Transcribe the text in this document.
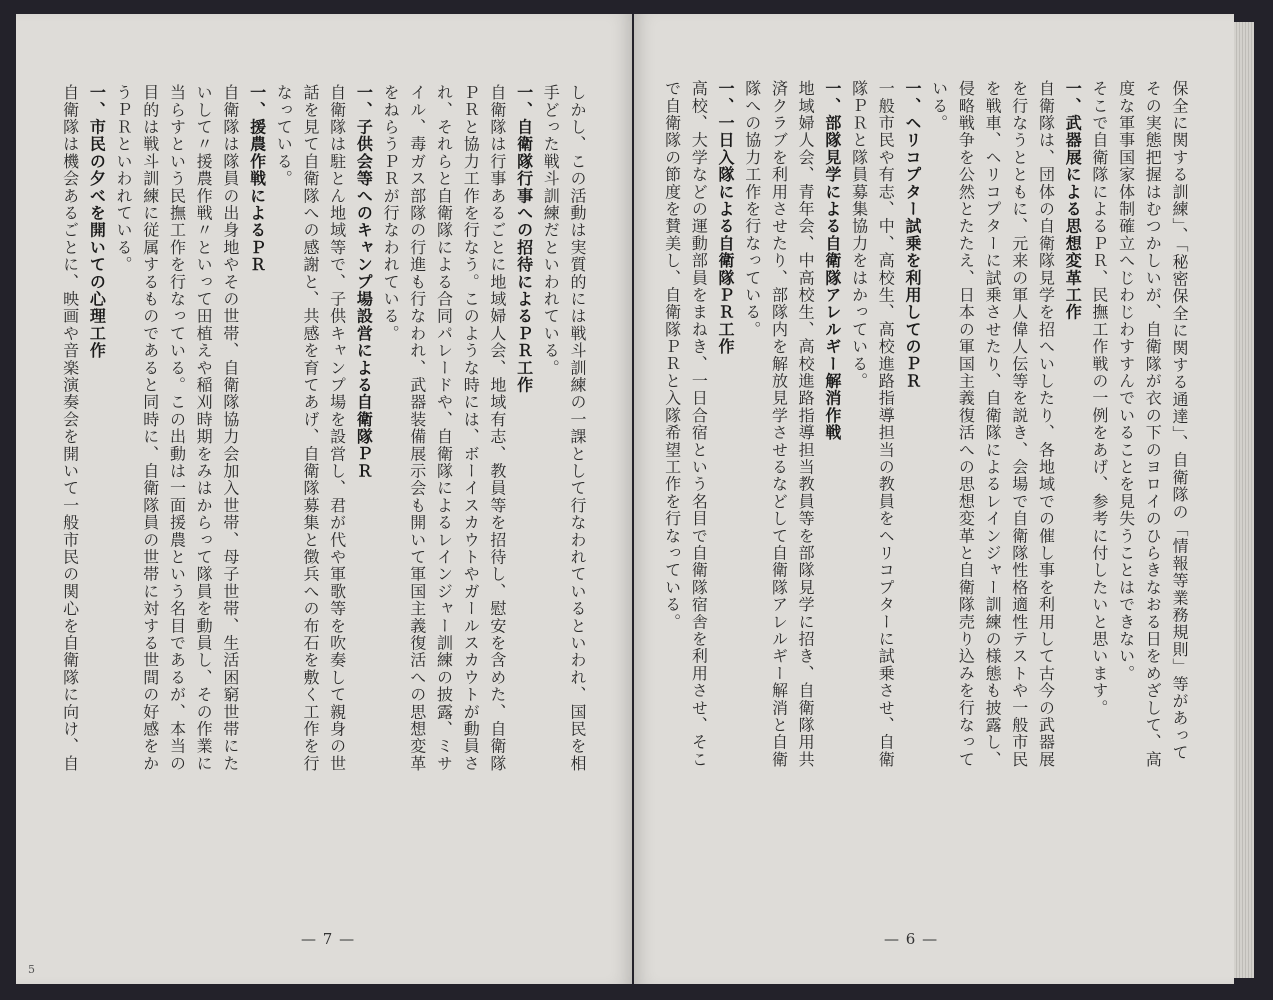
しかし、この活動は実質的には戦斗訓練の一課として行なわれているといわれ、国民を相手どった戦斗訓練だといわれている。

一、自衛隊行事への招待によるＰＲ工作

自衛隊は行事あるごとに地域婦人会、地域有志、教員等を招待し、慰安を含めた、自衛隊ＰＲと協力工作を行なう。このような時には、ボーイスカウトやガールスカウトが動員され、それらと自衛隊による合同パレードや、自衛隊によるレインジャー訓練の披露、ミサイル、毒ガス部隊の行進も行なわれ、武器装備展示会も開いて軍国主義復活への思想変革をねらうＰＲが行なわれている。

一、子供会等へのキャンプ場設営による自衛隊ＰＲ

自衛隊は駐とん地域等で、子供キャンプ場を設営し、君が代や軍歌等を吹奏して親身の世話を見て自衛隊への感謝と、共感を育てあげ、自衛隊募集と徴兵への布石を敷く工作を行なっている。

一、援農作戦によるＰＲ

自衛隊は隊員の出身地やその世帯、自衛隊協力会加入世帯、母子世帯、生活困窮世帯にたいして〃援農作戦〃といって田植えや稲刈時期をみはからって隊員を動員し、その作業に当らすという民撫工作を行なっている。この出動は一面援農という名目であるが、本当の目的は戦斗訓練に従属するものであると同時に、自衛隊員の世帯に対する世間の好感をかうＰＲといわれている。

一、市民の夕べを開いての心理工作

自衛隊は機会あるごとに、映画や音楽演奏会を開いて一般市民の関心を自衛隊に向け、自

— 7 —
5

保全に関する訓練」、「秘密保全に関する通達」、自衛隊の「情報等業務規則」等があってその実態把握はむつかしいが、自衛隊が衣の下のヨロイのひらきなおる日をめざして、高度な軍事国家体制確立へじわじわすすんでいることを見失うことはできない。

そこで自衛隊によるＰＲ、民撫工作戦の一例をあげ、参考に付したいと思います。

一、武器展による思想変革工作

自衛隊は、団体の自衛隊見学を招へいしたり、各地域での催し事を利用して古今の武器展を行なうとともに、元来の軍人偉人伝等を説き、会場で自衛隊性格適性テストや一般市民を戦車、ヘリコプターに試乗させたり、自衛隊によるレインジャー訓練の様態も披露し、侵略戦争を公然とたたえ、日本の軍国主義復活への思想変革と自衛隊売り込みを行なっている。

一、ヘリコプター試乗を利用してのＰＲ

一般市民や有志、中、高校生、高校進路指導担当の教員をヘリコプターに試乗させ、自衛隊ＰＲと隊員募集協力をはかっている。

一、部隊見学による自衛隊アレルギー解消作戦

地域婦人会、青年会、中高校生、高校進路指導担当教員等を部隊見学に招き、自衛隊用共済クラブを利用させたり、部隊内を解放見学させるなどして自衛隊アレルギー解消と自衛隊への協力工作を行なっている。

一、一日入隊による自衛隊ＰＲ工作

高校、大学などの運動部員をまねき、一日合宿という名目で自衛隊宿舎を利用させ、そこで自衛隊の節度を賛美し、自衛隊ＰＲと入隊希望工作を行なっている。

— 6 —
